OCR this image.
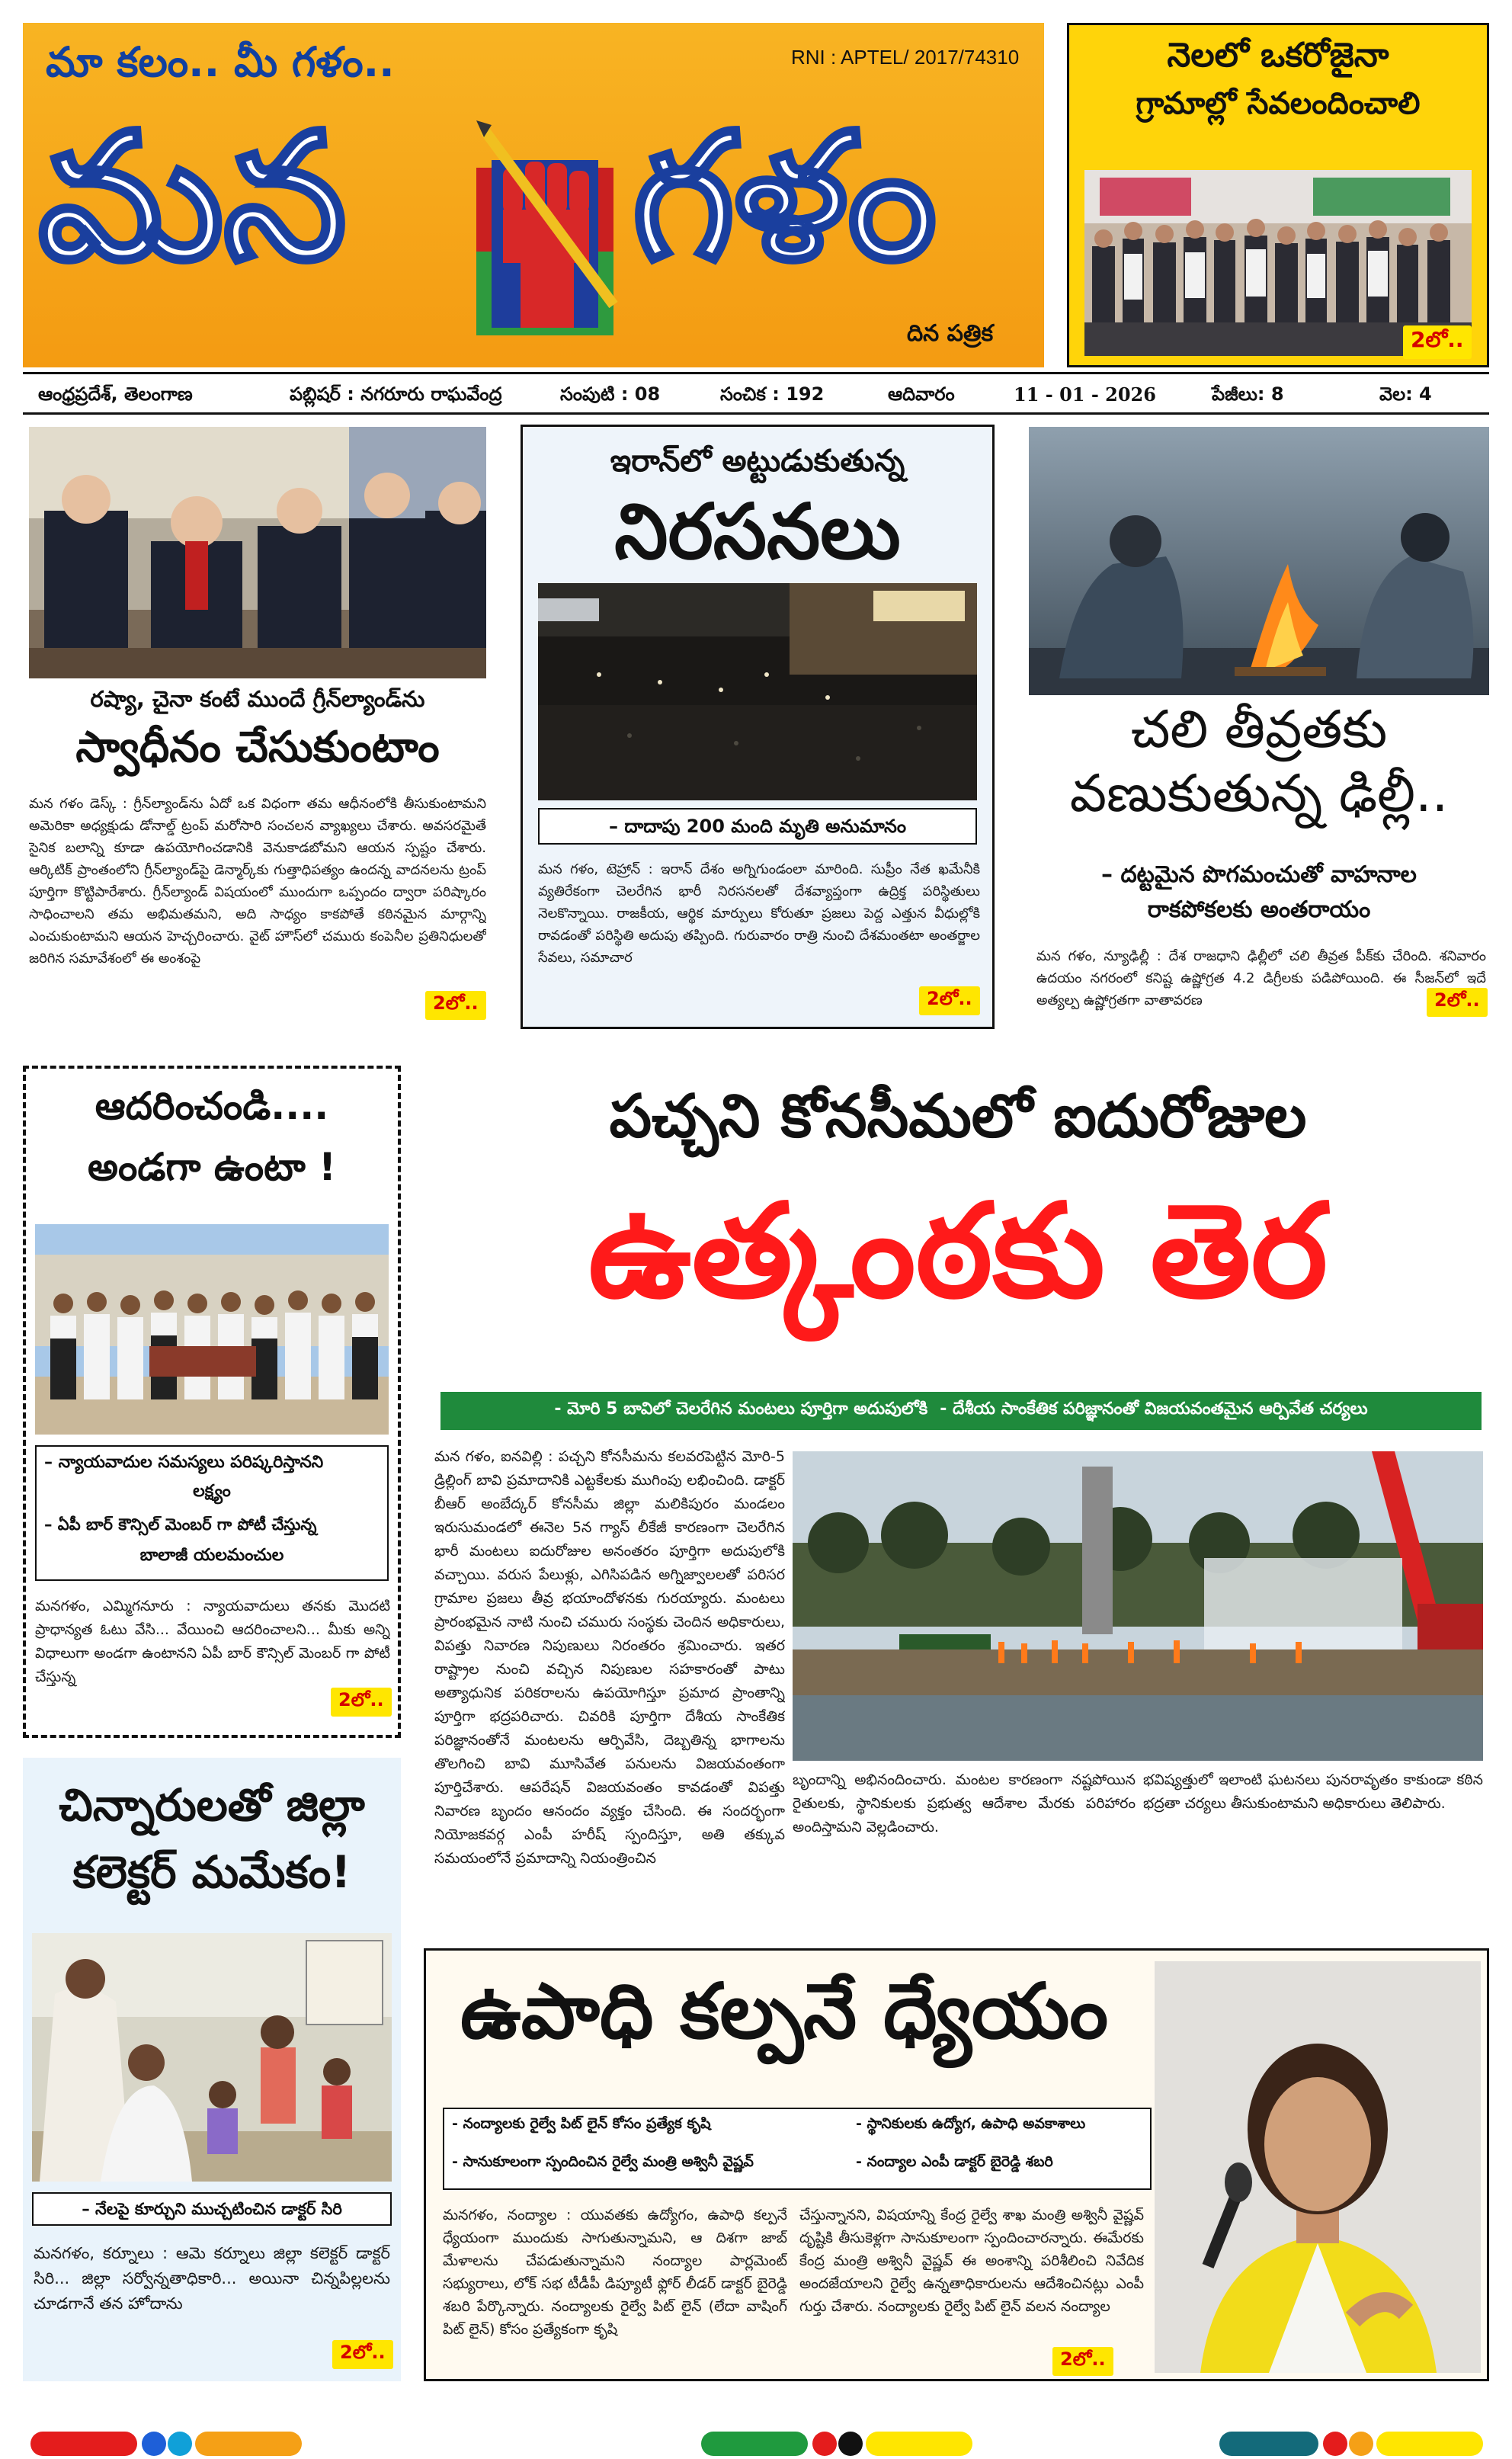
మా కలం.. మీ గళం..	RNI : APTEL/ 2017/74310
మన గళం
దిన పత్రిక
నెలలో ఒకరోజైనా
గ్రామాల్లో సేవలందించాలి
2లో..
ఆంధ్రప్రదేశ్, తెలంగాణ	పబ్లిషర్ : నగరూరు రాఘవేంద్ర	సంపుటి : 08	సంచిక : 192	ఆదివారం	11 - 01 - 2026	పేజీలు: 8	వెల: 4
రష్యా, చైనా కంటే ముందే గ్రీన్‌ల్యాండ్‌ను
స్వాధీనం చేసుకుంటాం
మన గళం డెస్క్ : గ్రీన్‌ల్యాండ్‌ను ఏదో ఒక విధంగా తమ ఆధీనంలోకి తీసుకుంటామని అమెరికా అధ్యక్షుడు డోనాల్డ్ ట్రంప్ మరోసారి సంచలన వ్యాఖ్యలు చేశారు. అవసరమైతే సైనిక బలాన్ని కూడా ఉపయోగించడానికి వెనుకాడబోమని ఆయన స్పష్టం చేశారు. ఆర్కిటిక్ ప్రాంతంలోని గ్రీన్‌ల్యాండ్‌పై డెన్మార్క్‌కు గుత్తాధిపత్యం ఉందన్న వాదనలను ట్రంప్ పూర్తిగా కొట్టిపారేశారు. గ్రీన్‌ల్యాండ్ విషయంలో ముందుగా ఒప్పందం ద్వారా పరిష్కారం సాధించాలని తమ అభిమతమని, అది సాధ్యం కాకపోతే కఠినమైన మార్గాన్ని ఎంచుకుంటామని ఆయన హెచ్చరించారు. వైట్ హౌస్‌లో చమురు కంపెనీల ప్రతినిధులతో జరిగిన సమావేశంలో ఈ అంశంపై
2లో..
ఇరాన్‌లో అట్టుడుకుతున్న
నిరసనలు
– దాదాపు 200 మంది మృతి అనుమానం
మన గళం, టెహ్రాన్ : ఇరాన్ దేశం అగ్నిగుండంలా మారింది. సుప్రీం నేత ఖమేనీకి వ్యతిరేకంగా చెలరేగిన భారీ నిరసనలతో దేశవ్యాప్తంగా ఉద్రిక్త పరిస్థితులు నెలకొన్నాయి. రాజకీయ, ఆర్థిక మార్పులు కోరుతూ ప్రజలు పెద్ద ఎత్తున వీధుల్లోకి రావడంతో పరిస్థితి అదుపు తప్పింది. గురువారం రాత్రి నుంచి దేశమంతటా అంతర్జాల సేవలు, సమాచార
2లో..
చలి తీవ్రతకు
వణుకుతున్న ఢిల్లీ..
– దట్టమైన పొగమంచుతో వాహనాల
రాకపోకలకు అంతరాయం
మన గళం, న్యూఢిల్లీ : దేశ రాజధాని ఢిల్లీలో చలి తీవ్రత పీక్‌కు చేరింది. శనివారం ఉదయం నగరంలో కనిష్ట ఉష్ణోగ్రత 4.2 డిగ్రీలకు పడిపోయింది. ఈ సీజన్‌లో ఇదే అత్యల్ప ఉష్ణోగ్రతగా వాతావరణ	2లో..
ఆదరించండి....
అండగా ఉంటా !
– న్యాయవాదుల సమస్యలు పరిష్కరిస్తానని
లక్ష్యం
– ఏపీ బార్ కౌన్సిల్ మెంబర్ గా పోటీ చేస్తున్న
బాలాజీ యలమంచుల
మనగళం, ఎమ్మిగనూరు : న్యాయవాదులు తనకు మొదటి ప్రాధాన్యత ఓటు వేసి... వేయించి ఆదరించాలని... మీకు అన్ని విధాలుగా అండగా ఉంటానని ఏపీ బార్ కౌన్సిల్ మెంబర్ గా పోటీ చేస్తున్న
2లో..
పచ్చని కోనసీమలో ఐదురోజుల
ఉత్కంఠకు తెర
- మోరి 5 బావిలో చెలరేగిన మంటలు పూర్తిగా అదుపులోకి - దేశీయ సాంకేతిక పరిజ్ఞానంతో విజయవంతమైన ఆర్పివేత చర్యలు
మన గళం, ఐనవిల్లి : పచ్చని కోనసీమను కలవరపెట్టిన మోరి-5 డ్రిల్లింగ్ బావి ప్రమాదానికి ఎట్టకేలకు ముగింపు లభించింది. డాక్టర్ బీఆర్ అంబేద్కర్ కోనసీమ జిల్లా మలికిపురం మండలం ఇరుసుమండలో ఈనెల 5న గ్యాస్ లీకేజీ కారణంగా చెలరేగిన భారీ మంటలు ఐదురోజుల అనంతరం పూర్తిగా అదుపులోకి వచ్చాయి. వరుస పేలుళ్లు, ఎగిసిపడిన అగ్నిజ్వాలలతో పరిసర గ్రామాల ప్రజలు తీవ్ర భయాందోళనకు గురయ్యారు. మంటలు ప్రారంభమైన నాటి నుంచి చమురు సంస్థకు చెందిన అధికారులు, విపత్తు నివారణ నిపుణులు నిరంతరం శ్రమించారు. ఇతర రాష్ట్రాల నుంచి వచ్చిన నిపుణుల సహకారంతో పాటు అత్యాధునిక పరికరాలను ఉపయోగిస్తూ ప్రమాద ప్రాంతాన్ని పూర్తిగా భద్రపరిచారు. చివరికి పూర్తిగా దేశీయ సాంకేతిక పరిజ్ఞానంతోనే మంటలను ఆర్పివేసి, దెబ్బతిన్న భాగాలను తొలగించి బావి మూసివేత పనులను విజయవంతంగా పూర్తిచేశారు. ఆపరేషన్ విజయవంతం కావడంతో విపత్తు నివారణ బృందం ఆనందం వ్యక్తం చేసింది. ఈ సందర్భంగా నియోజకవర్గ ఎంపీ హరీష్ స్పందిస్తూ, అతి తక్కువ సమయంలోనే ప్రమాదాన్ని నియంత్రించిన
బృందాన్ని అభినందించారు. మంటల కారణంగా నష్టపోయిన రైతులకు, స్థానికులకు ప్రభుత్వ ఆదేశాల మేరకు పరిహారం అందిస్తామని వెల్లడించారు.
భవిష్యత్తులో ఇలాంటి ఘటనలు పునరావృతం కాకుండా కఠిన భద్రతా చర్యలు తీసుకుంటామని అధికారులు తెలిపారు.
చిన్నారులతో జిల్లా
కలెక్టర్ మమేకం!
– నేలపై కూర్చుని ముచ్చటించిన డాక్టర్ సిరి
మనగళం, కర్నూలు : ఆమె కర్నూలు జిల్లా కలెక్టర్ డాక్టర్ సిరి... జిల్లా సర్వోన్నతాధికారి... అయినా చిన్నపిల్లలను చూడగానే తన హోదాను
2లో..
ఉపాధి కల్పనే ధ్యేయం
- నంద్యాలకు రైల్వే పిట్ లైన్ కోసం ప్రత్యేక కృషి	- స్థానికులకు ఉద్యోగ, ఉపాధి అవకాశాలు
- సానుకూలంగా స్పందించిన రైల్వే మంత్రి అశ్వినీ వైష్ణవ్	- నంద్యాల ఎంపీ డాక్టర్ బైరెడ్డి శబరి
మనగళం, నంద్యాల : యువతకు ఉద్యోగం, ఉపాధి కల్పనే ధ్యేయంగా ముందుకు సాగుతున్నామని, ఆ దిశగా జాబ్ మేళాలను చేపడుతున్నామని నంద్యాల పార్లమెంట్ సభ్యురాలు, లోక్ సభ టీడీపీ డిప్యూటీ ఫ్లోర్ లీడర్ డాక్టర్ బైరెడ్డి శబరి పేర్కొన్నారు. నంద్యాలకు రైల్వే పిట్ లైన్ (లేదా వాషింగ్ పిట్ లైన్) కోసం ప్రత్యేకంగా కృషి
చేస్తున్నానని, విషయాన్ని కేంద్ర రైల్వే శాఖ మంత్రి అశ్వినీ వైష్ణవ్ దృష్టికి తీసుకెళ్లగా సానుకూలంగా స్పందించారన్నారు. ఈమేరకు కేంద్ర మంత్రి అశ్వినీ వైష్ణవ్ ఈ అంశాన్ని పరిశీలించి నివేదిక అందజేయాలని రైల్వే ఉన్నతాధికారులను ఆదేశించినట్లు ఎంపీ గుర్తు చేశారు. నంద్యాలకు రైల్వే పిట్ లైన్ వలన నంద్యాల
2లో..
